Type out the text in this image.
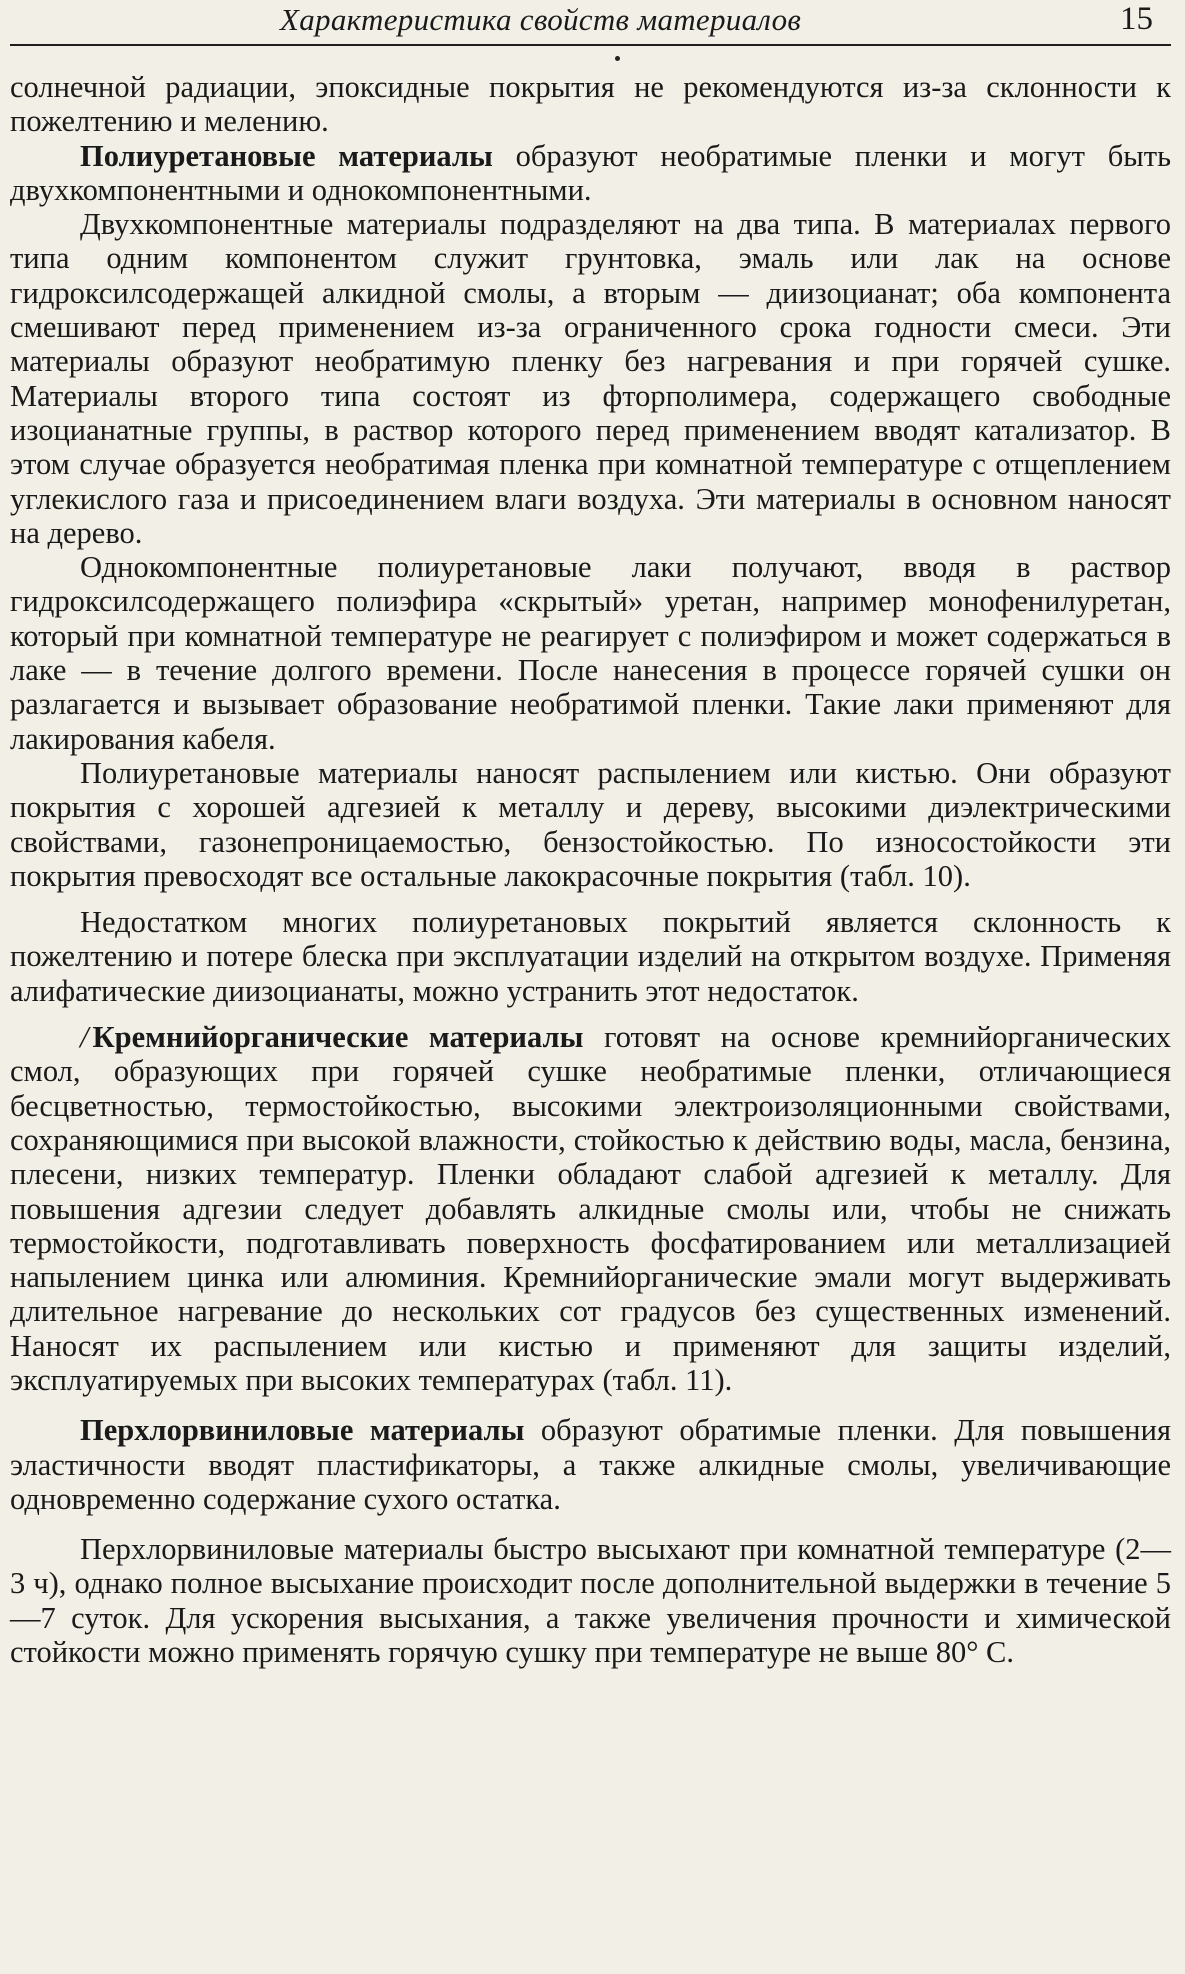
Характеристика свойств материалов	15

солнечной радиации, эпоксидные покрытия не рекомендуются из-за склонности к пожелтению и мелению.

Полиуретановые материалы образуют необратимые пленки и могут быть двухкомпонентными и однокомпонентными.

Двухкомпонентные материалы подразделяют на два типа. В материалах первого типа одним компонентом служит грунтовка, эмаль или лак на основе гидроксилсодержащей алкидной смолы, а вторым — диизоцианат; оба компонента смешивают перед применением из-за ограниченного срока годности смеси. Эти материалы образуют необратимую пленку без нагревания и при горячей сушке. Материалы второго типа состоят из фторполимера, содержащего свободные изоцианатные группы, в раствор которого перед применением вводят катализатор. В этом случае образуется необратимая пленка при комнатной температуре с отщеплением углекислого газа и присоединением влаги воздуха. Эти материалы в основном наносят на дерево.

Однокомпонентные полиуретановые лаки получают, вводя в раствор гидроксилсодержащего полиэфира «скрытый» уретан, например монофенилуретан, который при комнатной температуре не реагирует с полиэфиром и может содержаться в лаке — в течение долгого времени. После нанесения в процессе горячей сушки он разлагается и вызывает образование необратимой пленки. Такие лаки применяют для лакирования кабеля.

Полиуретановые материалы наносят распылением или кистью. Они образуют покрытия с хорошей адгезией к металлу и дереву, высокими диэлектрическими свойствами, газонепроницаемостью, бензостойкостью. По износостойкости эти покрытия превосходят все остальные лакокрасочные покрытия (табл. 10).

Недостатком многих полиуретановых покрытий является склонность к пожелтению и потере блеска при эксплуатации изделий на открытом воздухе. Применяя алифатические диизоцианаты, можно устранить этот недостаток.

/ Кремнийорганические материалы готовят на основе кремнийорганических смол, образующих при горячей сушке необратимые пленки, отличающиеся бесцветностью, термостойкостью, высокими электроизоляционными свойствами, сохраняющимися при высокой влажности, стойкостью к действию воды, масла, бензина, плесени, низких температур. Пленки обладают слабой адгезией к металлу. Для повышения адгезии следует добавлять алкидные смолы или, чтобы не снижать термостойкости, подготавливать поверхность фосфатированием или металлизацией напылением цинка или алюминия. Кремнийорганические эмали могут выдерживать длительное нагревание до нескольких сот градусов без существенных изменений. Наносят их распылением или кистью и применяют для защиты изделий, эксплуатируемых при высоких температурах (табл. 11).

Перхлорвиниловые материалы образуют обратимые пленки. Для повышения эластичности вводят пластификаторы, а также алкидные смолы, увеличивающие одновременно содержание сухого остатка.

Перхлорвиниловые материалы быстро высыхают при комнатной температуре (2—3 ч), однако полное высыхание происходит после дополнительной выдержки в течение 5—7 суток. Для ускорения высыхания, а также увеличения прочности и химической стойкости можно применять горячую сушку при температуре не выше 80° С.
